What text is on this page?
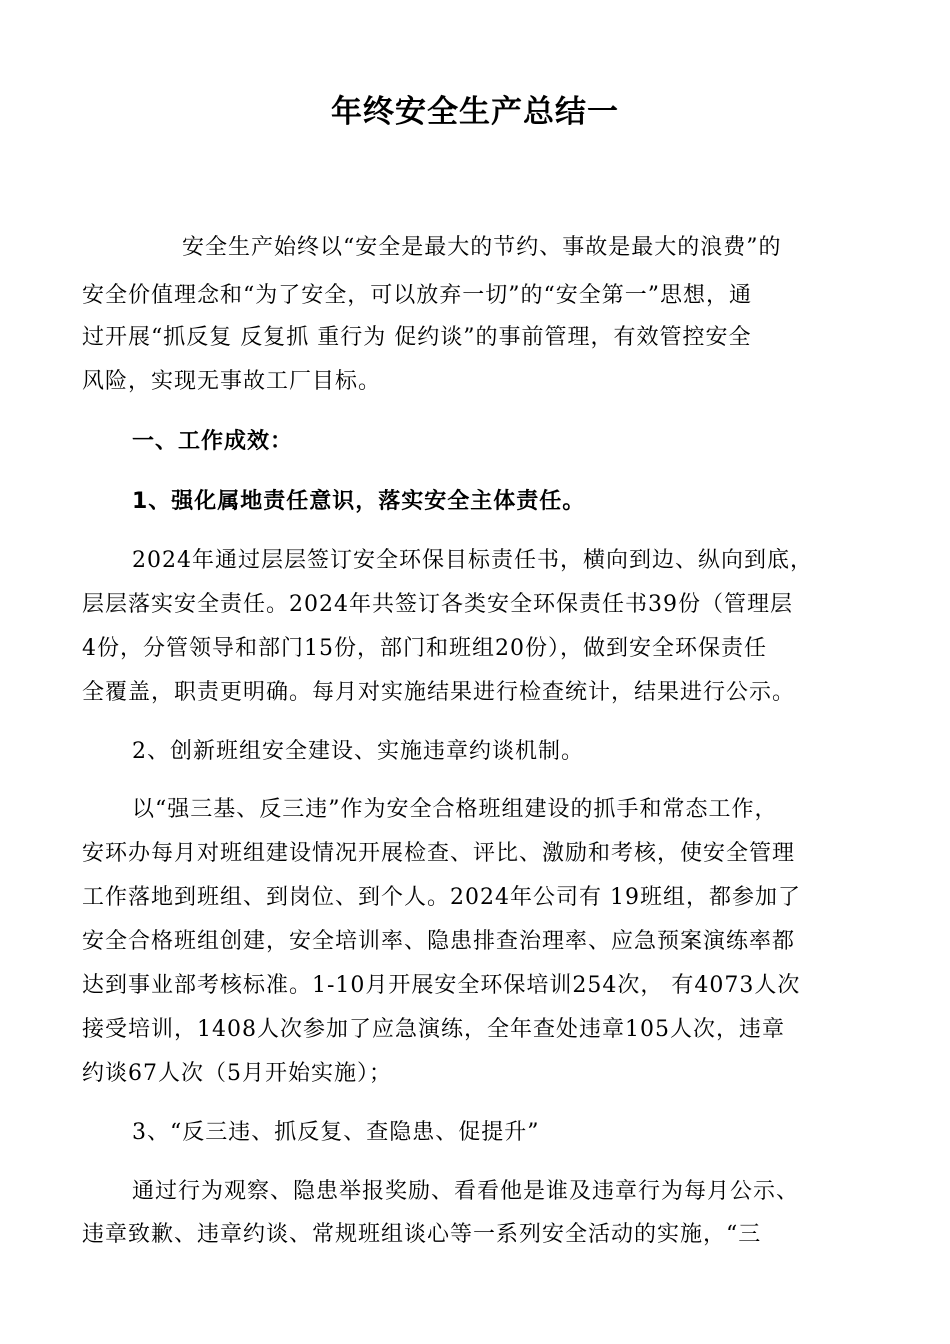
年终安全生产总结一
安全生产始终以“安全是最大的节约、事故是最大的浪费”的
安全价值理念和“为了安全，可以放弃一切”的“安全第一”思想，通
过开展“抓反复 反复抓 重行为 促约谈”的事前管理，有效管控安全
风险，实现无事故工厂目标。
一、工作成效：
1、强化属地责任意识，落实安全主体责任。
2024年通过层层签订安全环保目标责任书，横向到边、纵向到底，
层层落实安全责任。2024年共签订各类安全环保责任书39份（管理层
4份，分管领导和部门15份，部门和班组20份），做到安全环保责任
全覆盖，职责更明确。每月对实施结果进行检查统计，结果进行公示。
2、创新班组安全建设、实施违章约谈机制。
以“强三基、反三违”作为安全合格班组建设的抓手和常态工作，
安环办每月对班组建设情况开展检查、评比、激励和考核，使安全管理
工作落地到班组、到岗位、到个人。2024年公司有 19班组，都参加了
安全合格班组创建，安全培训率、隐患排查治理率、应急预案演练率都
达到事业部考核标准。1-10月开展安全环保培训254次， 有4073人次
接受培训，1408人次参加了应急演练，全年查处违章105人次，违章
约谈67人次（5月开始实施）；
3、“反三违、抓反复、查隐患、促提升”
通过行为观察、隐患举报奖励、看看他是谁及违章行为每月公示、
违章致歉、违章约谈、常规班组谈心等一系列安全活动的实施，“三
